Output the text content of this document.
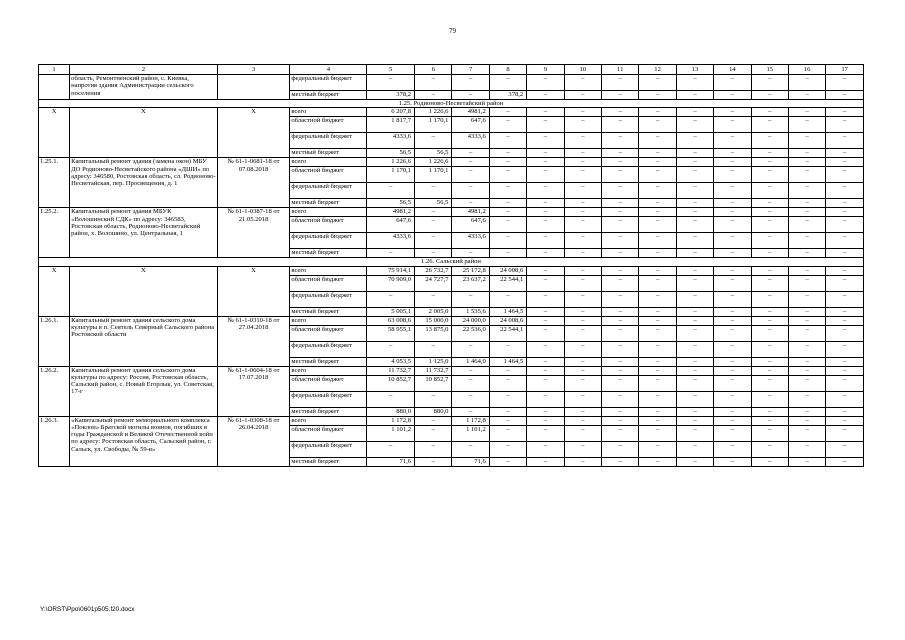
79
1	2	3	4	5	6	7	8	9	10	11	12	13	14	15	16	17
	область, Ремонтненский район, с. Киевка, напротив здания Администрации сельского поселения		федеральный бюджет	–	–	–	–	–	–	–	–	–	–	–	–	–
			местный бюджет	378,2	–	–	378,2	–	–	–	–	–	–	–	–	–
1.25. Родионово-Несветайский район																
Х	Х	Х	всего	6 207,8	1 226,6	4981,2	–	–	–	–	–	–	–	–	–	–
			областной бюджет	1 817,7	1 170,1	647,6	–	–	–	–	–	–	–	–	–	–
			федеральный бюджет	4333,6	–	4333,6	–	–	–	–	–	–	–	–	–	–
			местный бюджет	56,5	56,5	–	–	–	–	–	–	–	–	–	–	–
1.25.1.	Капитальный ремонт здания (замена окон) МБУ ДО Родионово-Несветайского района «ДШИ» по адресу: 346580, Ростовская область, сл. Родионово-Несветайская, пер. Просвещения, д. 1	№ 61-1-0681-18 от 07.08.2018	всего	1 226,6	1 226,6	–	–	–	–	–	–	–	–	–	–	–
			областной бюджет	1 170,1	1 170,1	–	–	–	–	–	–	–	–	–	–	–
			федеральный бюджет	–	–	–	–	–	–	–	–	–	–	–	–	–
			местный бюджет	56,5	56,5	–	–	–	–	–	–	–	–	–	–	–
1.25.2.	Капитальный ремонт здания МБУК «Волошинский СДК» по адресу: 346583, Ростовская область, Родионово-Несветайский район, х. Волошино, ул. Центральная, 1	№ 61-1-0387-18 от 21.05.2018	всего	4981,2	–	4981,2	–	–	–	–	–	–	–	–	–	–
			областной бюджет	647,6	–	647,6	–	–	–	–	–	–	–	–	–	–
			федеральный бюджет	4333,6	–	4333,6	–	–	–	–	–	–	–	–	–	–
			местный бюджет	–	–	–	–	–	–	–	–	–	–	–	–	–
1.26. Сальский район																
Х	Х	Х	всего	75 914,1	26 732,7	25 172,8	24 008,6	–	–	–	–	–	–	–	–	–
			областной бюджет	70 909,0	24 727,7	23 637,2	22 544,1	–	–	–	–	–	–	–	–	–
			федеральный бюджет	–	–	–	–	–	–	–	–	–	–	–	–	–
			местный бюджет	5 005,1	2 005,0	1 535,6	1 464,5	–	–	–	–	–	–	–	–	–
1.26.1.	Капитальный ремонт здания сельского дома культуры в п. Сеятель Северный Сальского района Ростовской области	№ 61-1-0310-18 от 27.04.2018	всего	63 008,6	15 000,0	24 000,0	24 008,6	–	–	–	–	–	–	–	–	–
			областной бюджет	58 955,1	13 875,0	22 536,0	22 544,1	–	–	–	–	–	–	–	–	–
			федеральный бюджет	–	–	–	–	–	–	–	–	–	–	–	–	–
			местный бюджет	4 053,5	1 125,0	1 464,0	1 464,5	–	–	–	–	–	–	–	–	–
1.26.2.	Капитальный ремонт здания сельского дома культуры по адресу: Россия, Ростовская область, Сальский район, с. Новый Егорлык, ул. Советская, 17-г	№ 61-1-0604-18 от 17.07.2018	всего	11 732,7	11 732,7	–	–	–	–	–	–	–	–	–	–	–
			областной бюджет	10 852,7	10 852,7	–	–	–	–	–	–	–	–	–	–	–
			федеральный бюджет	–	–	–	–	–	–	–	–	–	–	–	–	–
			местный бюджет	880,0	880,0	–	–	–	–	–	–	–	–	–	–	–
1.26.3.	«Капитальный ремонт мемориального комплекса «Поклон» Братской могилы воинов, погибших в годы Гражданской и Великой Отечественной войн по адресу: Ростовская область, Сальский район, г. Сальск, ул. Свободы, № 59-в»	№ 61-1-0308-18 от 26.04.2018	всего	1 172,8	–	1 172,8	–	–	–	–	–	–	–	–	–	–
			областной бюджет	1 101,2	–	1 101,2	–	–	–	–	–	–	–	–	–	–
			федеральный бюджет	–	–	–	–	–	–	–	–	–	–	–	–	–
			местный бюджет	71,6	–	71,6	–	–	–	–	–	–	–	–	–	–
Y:\ORST\Ppo\0601p505.f20.docx
